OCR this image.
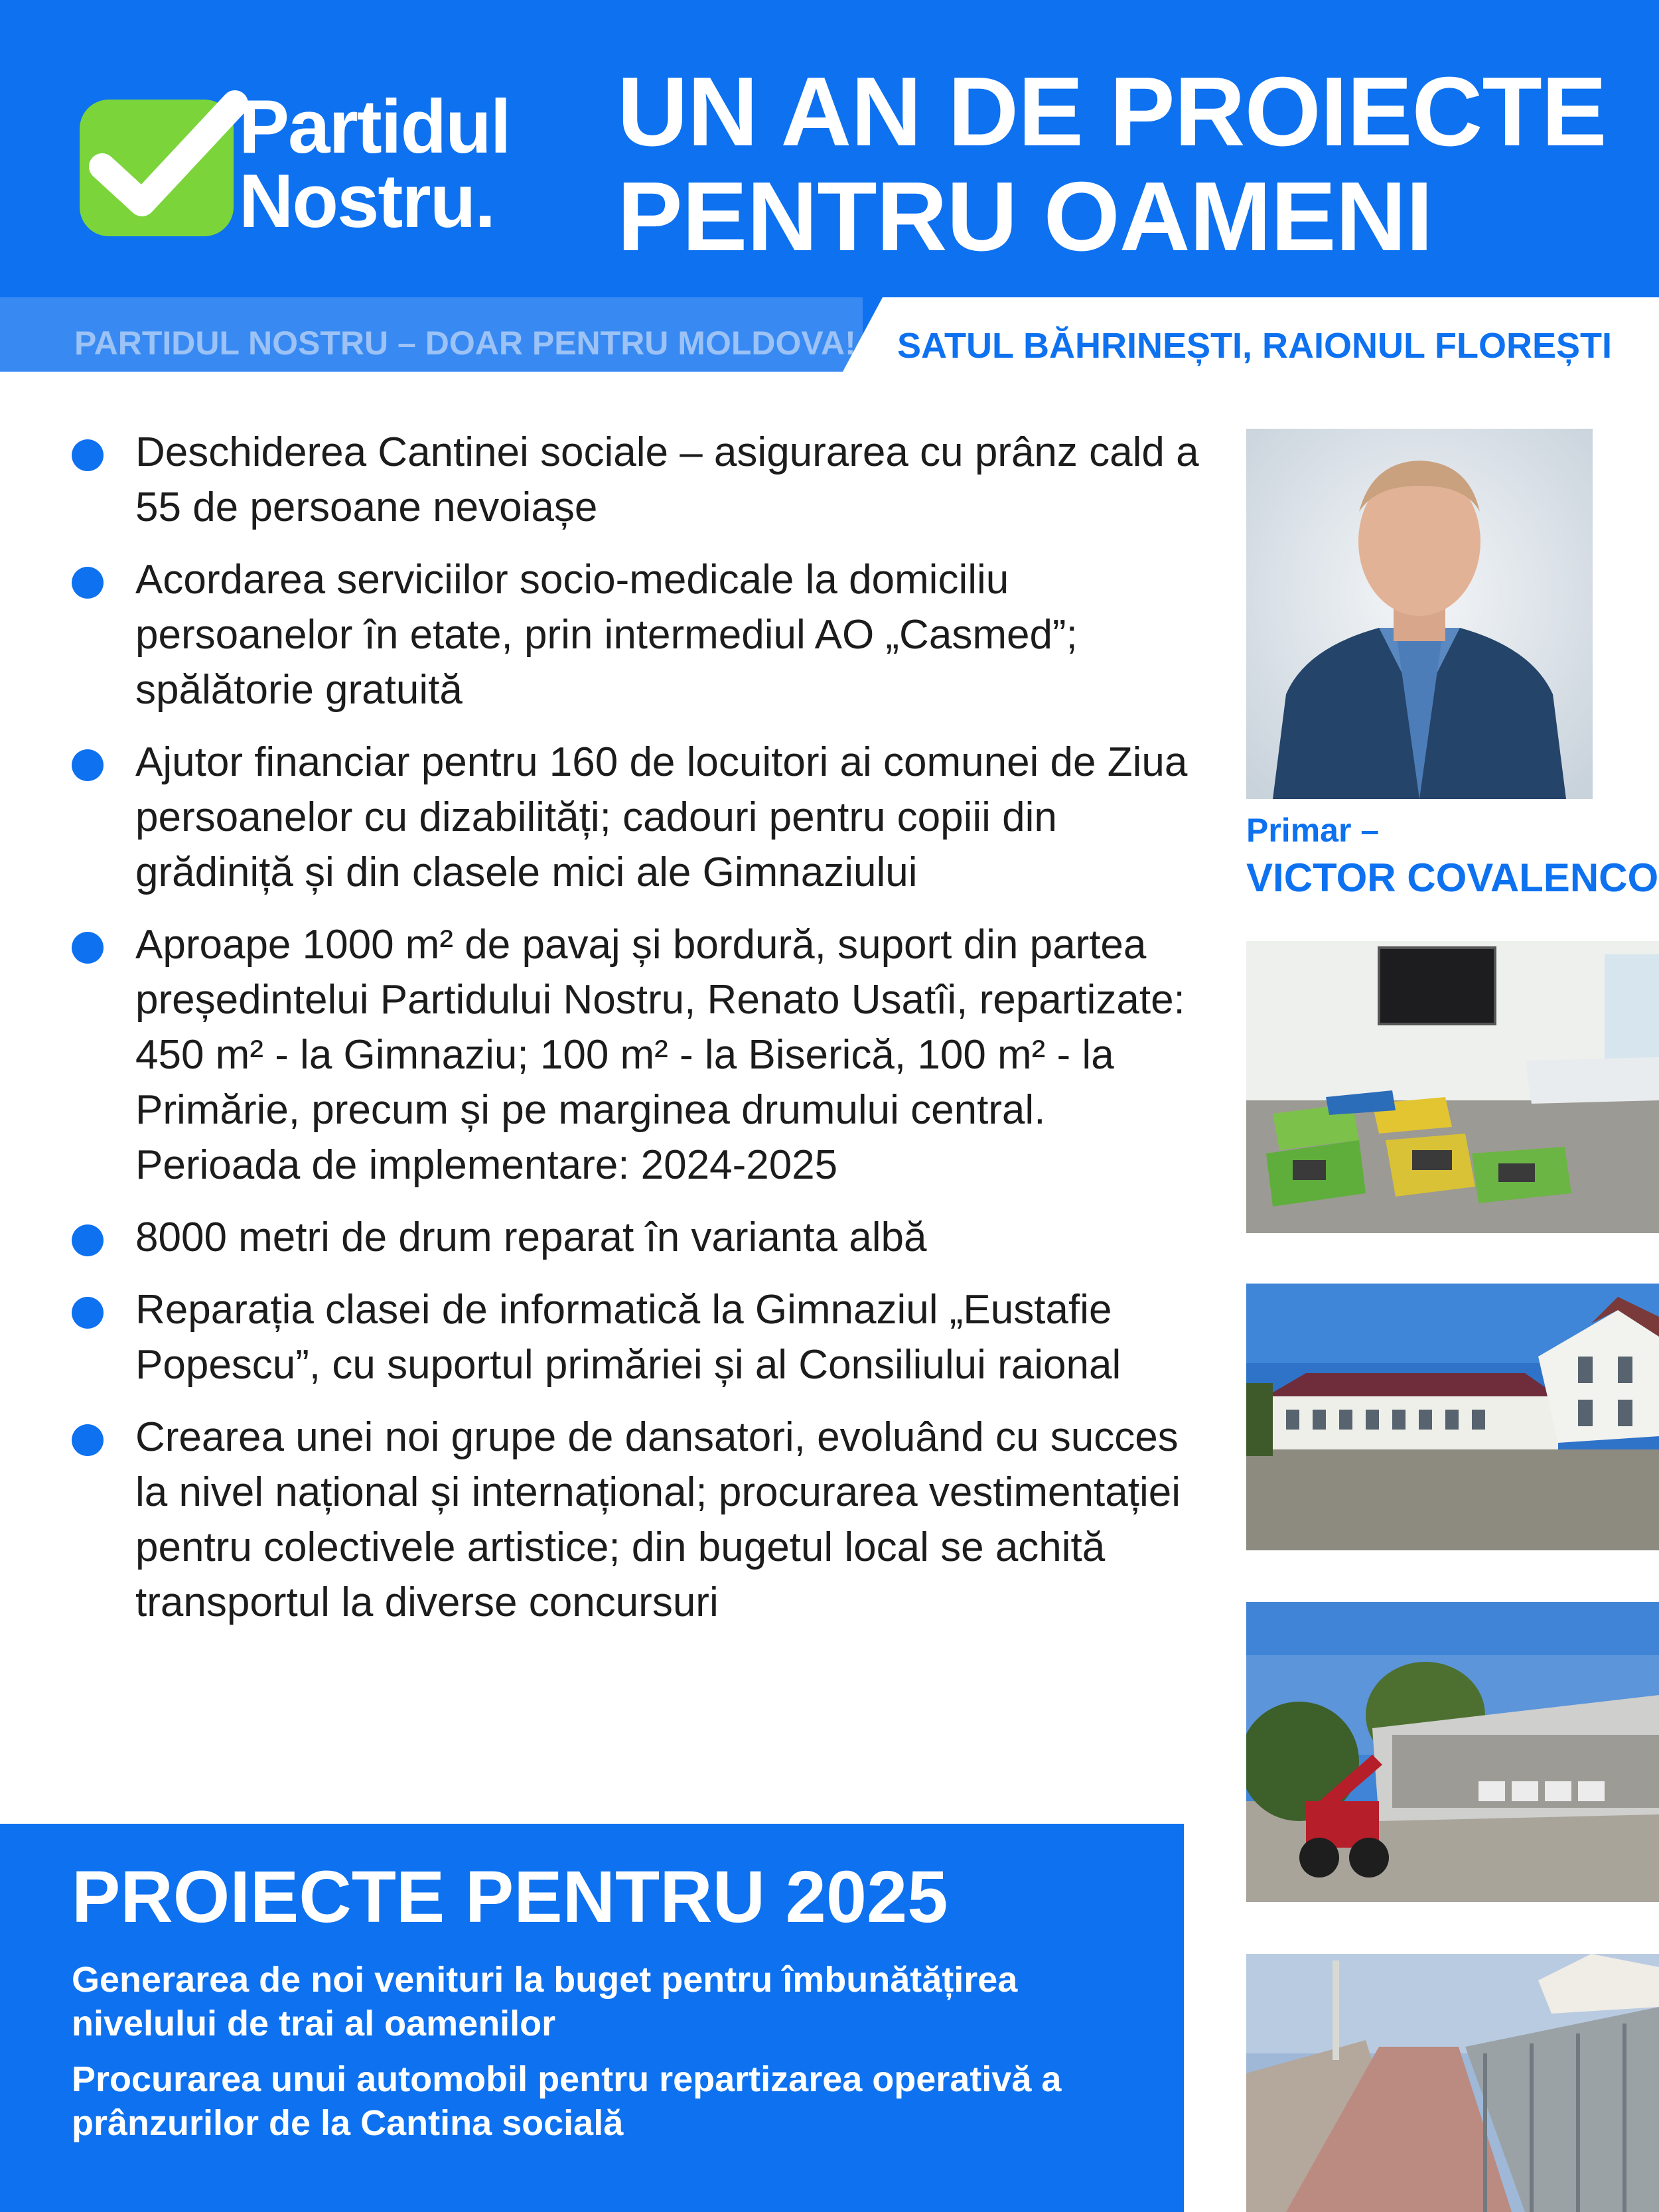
Partidul
Nostru.
UN AN DE PROIECTE
PENTRU OAMENI
PARTIDUL NOSTRU – DOAR PENTRU MOLDOVA! SATUL BĂHRINEȘTI, RAIONUL FLOREȘTI
Deschiderea Cantinei sociale – asigurarea cu prânz cald a 55 de persoane nevoiașe
Acordarea serviciilor socio-medicale la domiciliu persoanelor în etate, prin intermediul AO „Casmed”; spălătorie gratuită
Ajutor financiar pentru 160 de locuitori ai comunei de Ziua persoanelor cu dizabilități; cadouri pentru copiii din grădiniță și din clasele mici ale Gimnaziului
Aproape 1000 m² de pavaj și bordură, suport din partea președintelui Partidului Nostru, Renato Usatîi, repartizate: 450 m² - la Gimnaziu; 100 m² - la Biserică, 100 m² - la Primărie, precum și pe marginea drumului central. Perioada de implementare: 2024-2025
8000 metri de drum reparat în varianta albă
Reparația clasei de informatică la Gimnaziul „Eustafie Popescu”, cu suportul primăriei și al Consiliului raional
Crearea unei noi grupe de dansatori, evoluând cu succes la nivel național și internațional; procurarea vestimentației pentru colectivele artistice; din bugetul local se achită transportul la diverse concursuri
PROIECTE PENTRU 2025
Generarea de noi venituri la buget pentru îmbunătățirea nivelului de trai al oamenilor
Procurarea unui automobil pentru repartizarea operativă a prânzurilor de la Cantina socială
Primar –
VICTOR COVALENCO
